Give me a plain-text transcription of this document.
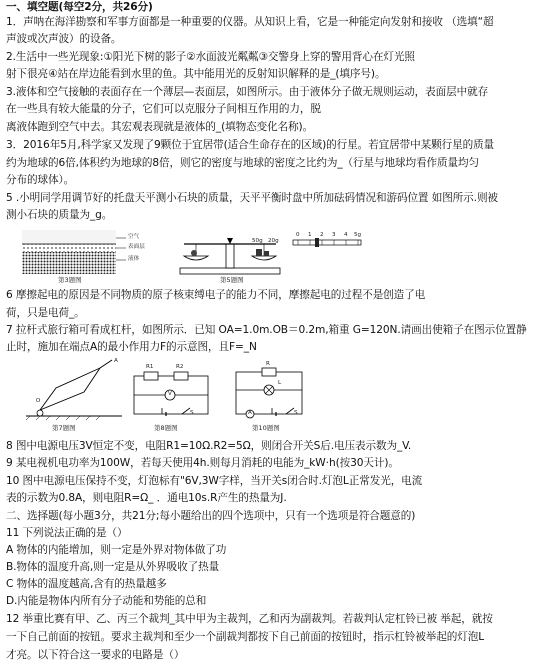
一、填空题(每空2分，共26分)
1．声呐在海洋勘察和军事方面都是一种重要的仪器。从知识上看，它是一种能定向发射和接收 （选填“超
声波或次声波）的设备。
2.生活中一些光现象:①阳光下树的影子②水面波光粼粼③交警身上穿的警用背心在灯光照
射下很亮④站在岸边能看到水里的鱼。其中能用光的反射知识解释的是_(填序号)。
3.液体和空气接触的表面存在一个薄层—表面层，如图所示。由于液体分子做无规则运动，表面层中就存
在一些具有较大能量的分子，它们可以克服分子间相互作用的力，脱
离液体跑到空气中去。其宏观表现就是液体的_(填物态变化名称)。
3．2016年5月,科学家又发现了9颗位于宜居带(适合生命存在的区域)的行星。若宜居带中某颗行星的质量
约为地球的6倍,体积约为地球的8倍，则它的密度与地球的密度之比约为_（行星与地球均看作质量均匀
分布的球体）。
5 .小明同学用调节好的托盘天平测小石块的质量，天平平衡时盘中所加砝码情况和游码位置 如图所示.则被
测小石块的质量为_g。
空气
表面层
液体
第3题图
50g 20g
0 1 2 3 4 5g
第5题图
6 摩擦起电的原因是不同物质的原子核束缚电子的能力不同，摩擦起电的过程不是创造了电
荷，只是电荷_。
7 拉杆式旅行箱可看成杠杆，如图所示．已知 OA=1.0m.OB＝0.2m,箱重 G=120N.请画出使箱子在图示位置静
止时，施加在端点A的最小作用力F的示意图，且F=_N
A
O
第7题图
R1	R2
V
S
第8题图
R
L
A	S
第10题图
8 图中电源电压3V恒定不变，电阻R1=10Ω.R2=5Ω，则闭合开关S后.电压表示数为_V.
9 某电视机电功率为100W，若每天使用4h.则每月消耗的电能为_kW·h(按30天计)。
10 图中电源电压保持不变，灯泡标有"6V,3W字样，当开关s闭合时.灯泡L正常发光，电流
表的示数为0.8A，则电阻R=Ω_ ．通电10s.R产生的热量为J.
二、选择题(每小题3分，共21分;每小题给出的四个选项中，只有一个选项是符合题意的)
11 下列说法正确的是（）
A 物体的内能增加，则一定是外界对物体做了功
B.物体的温度升高,则一定是从外界吸收了热量
C 物体的温度越高,含有的热量越多
D.内能是物体内所有分子动能和势能的总和
12 举重比赛有甲、乙、丙三个裁判_其中甲为主裁判，乙和丙为副裁判。若裁判认定杠铃已被 举起，就按
一下自己前面的按钮。要求主裁判和至少一个副裁判都按下自己前面的按钮时，指示杠铃被举起的灯泡L
才亮。以下符合这一要求的电路是（）
